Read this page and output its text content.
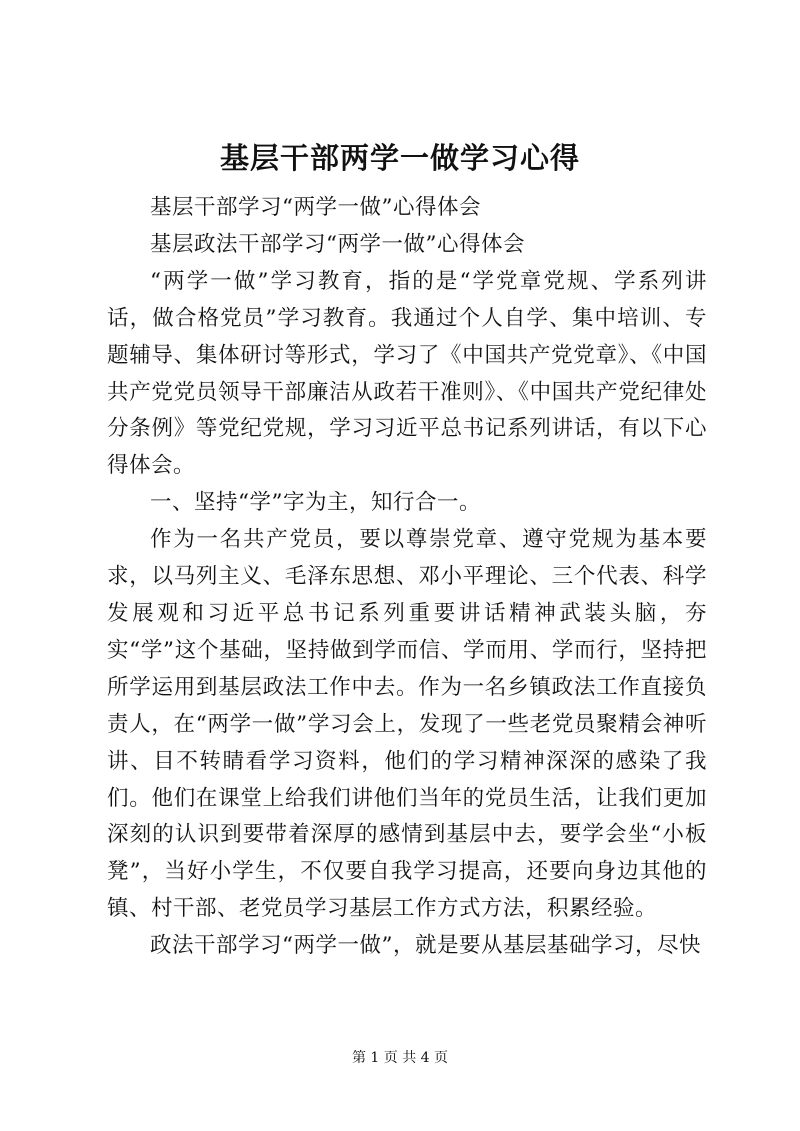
基层干部两学一做学习心得

基层干部学习“两学一做”心得体会

基层政法干部学习“两学一做”心得体会

“两学一做”学习教育，指的是“学党章党规、学系列讲话，做合格党员”学习教育。我通过个人自学、集中培训、专题辅导、集体研讨等形式，学习了《中国共产党党章》、《中国共产党党员领导干部廉洁从政若干准则》、《中国共产党纪律处分条例》等党纪党规，学习习近平总书记系列讲话，有以下心得体会。

一、坚持“学”字为主，知行合一。

作为一名共产党员，要以尊崇党章、遵守党规为基本要求，以马列主义、毛泽东思想、邓小平理论、三个代表、科学发展观和习近平总书记系列重要讲话精神武装头脑，夯实“学”这个基础，坚持做到学而信、学而用、学而行，坚持把所学运用到基层政法工作中去。作为一名乡镇政法工作直接负责人，在“两学一做”学习会上，发现了一些老党员聚精会神听讲、目不转睛看学习资料，他们的学习精神深深的感染了我们。他们在课堂上给我们讲他们当年的党员生活，让我们更加深刻的认识到要带着深厚的感情到基层中去，要学会坐“小板凳”，当好小学生，不仅要自我学习提高，还要向身边其他的镇、村干部、老党员学习基层工作方式方法，积累经验。

政法干部学习“两学一做”，就是要从基层基础学习，尽快

第 1 页 共 4 页
